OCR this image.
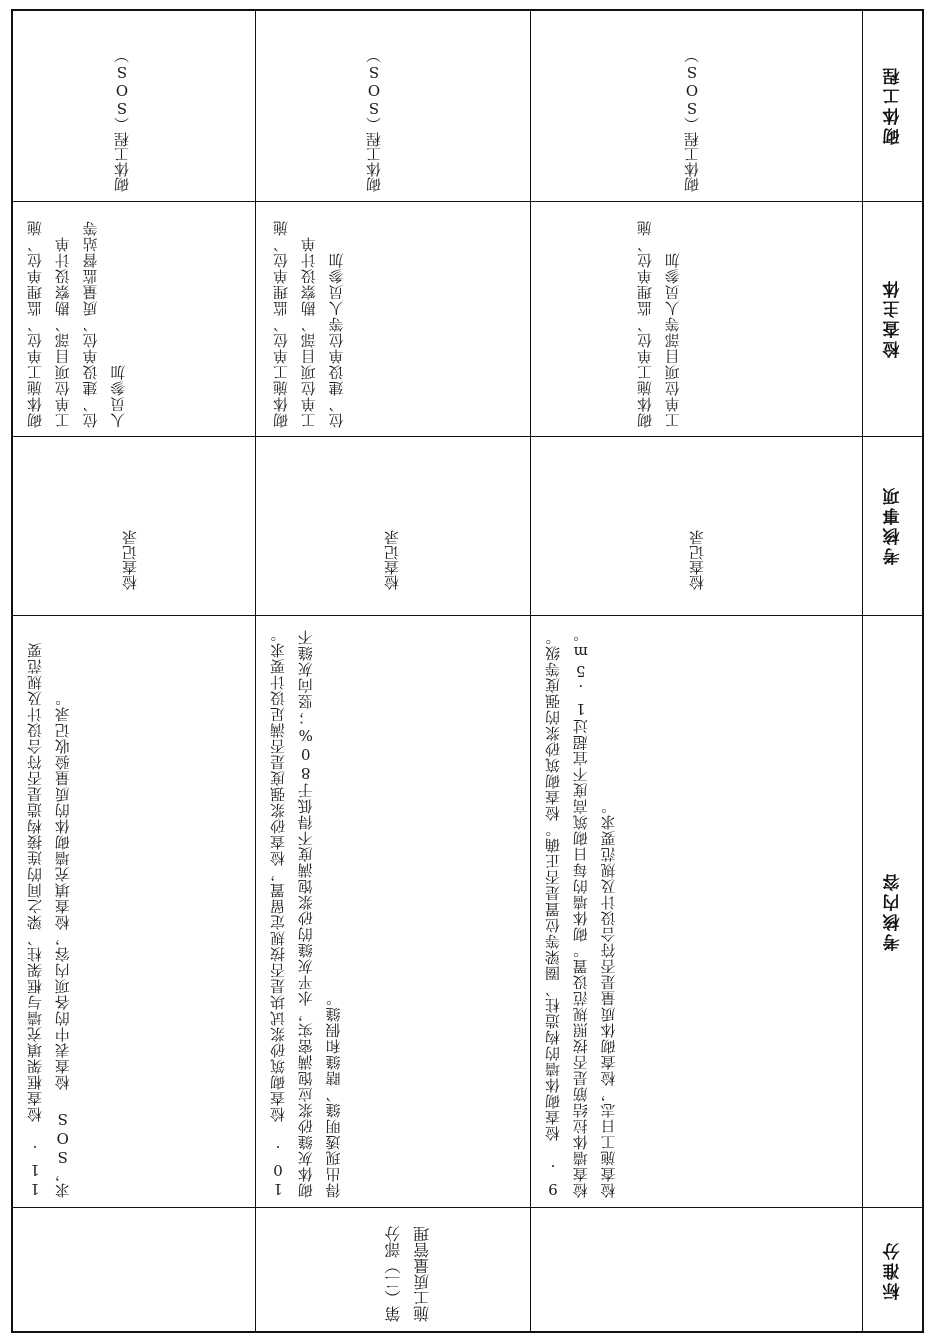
砌体工程
检查主体
考核事项
考核内容
标准分
砌体工程（SOS）
砌体工程（SOS）
砌体工程（SOS）
砌体施工单位、监理单位、施工单位项目部等人员参加
砌体施工单位、监理单位、施工单位项目部、勘察设计单位、建设单位等人员参加
砌体施工单位、监理单位、施工单位项目部、勘察设计单位、建设单位、质量监督站等人员参加
检查记录
检查记录
检查记录
9. 检查砌体墙的构造柱、圈梁等位置是否正确。检查砌筑砂浆的强度等级。检查墙体拉结筋是否按照规范设置。砌体墙的每日砌筑高度不宜超过1.5m。检查施工日志，检查砌体质量是否符合设计及规范要求。
10. 检查砌筑砂浆试块是否按规定留置，检查砂浆强度是否满足设计要求。砌体灰缝砂浆应饱满密实，水平灰缝的砂浆饱满度不得低于80%；竖向灰缝不得出现透明缝、瞎缝和假缝。
11. 检查框架填充墙与框架柱、梁之间的连接构造是否符合设计及规范要求，SOS 检查表中的各项内容，检查填充墙砌体的质量验收记录。
第（二）部分施工质量管理
